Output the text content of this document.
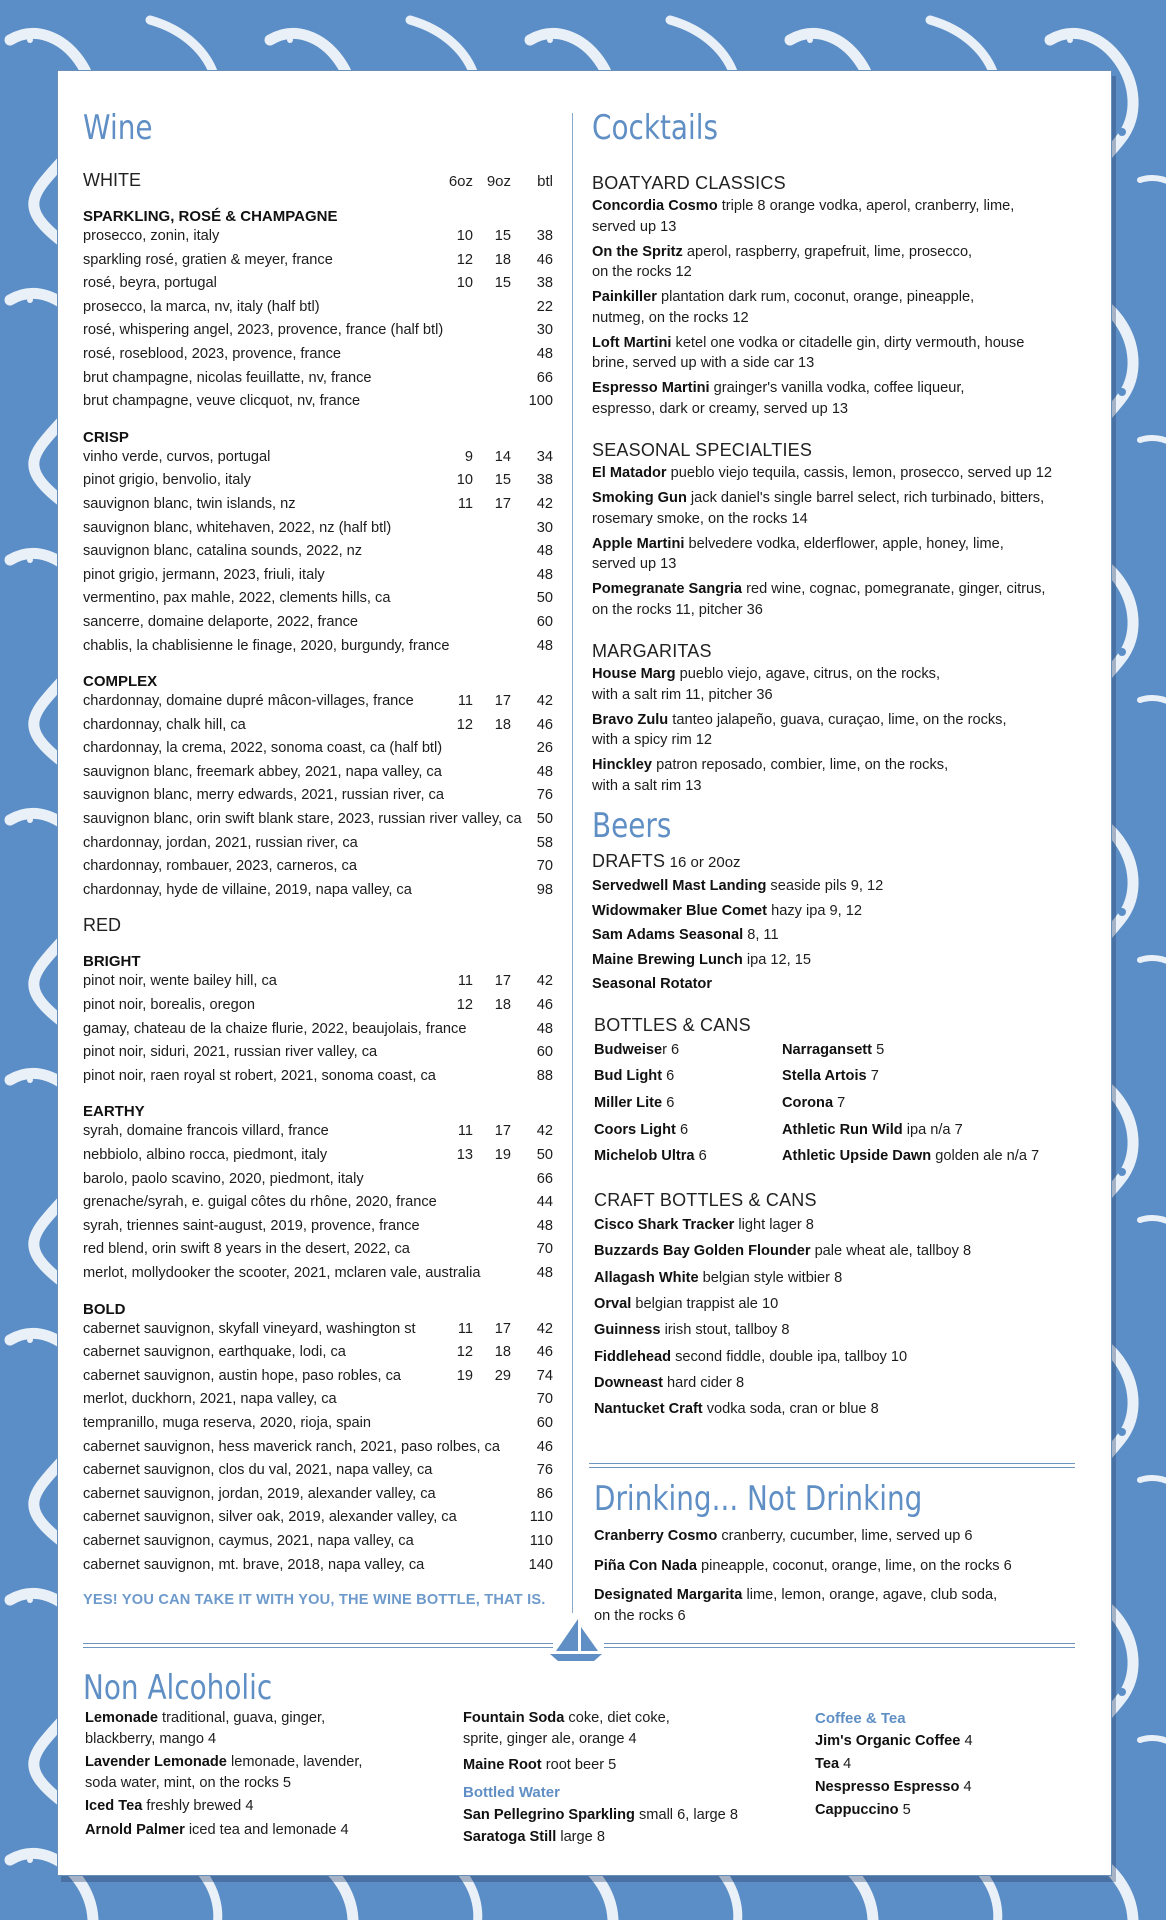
Wine
WHITE	6oz 9oz	btl
SPARKLING, ROSÉ & CHAMPAGNE
prosecco, zonin, italy	10	15	38
sparkling rosé, gratien & meyer, france	12	18	46
rosé, beyra, portugal	10	15	38
prosecco, la marca, nv, italy (half btl)	22
rosé, whispering angel, 2023, provence, france (half btl)	30
rosé, roseblood, 2023, provence, france	48
brut champagne, nicolas feuillatte, nv, france	66
brut champagne, veuve clicquot, nv, france	100
CRISP
vinho verde, curvos, portugal	9	14	34
pinot grigio, benvolio, italy	10	15	38
sauvignon blanc, twin islands, nz	11	17	42
sauvignon blanc, whitehaven, 2022, nz (half btl)	30
sauvignon blanc, catalina sounds, 2022, nz	48
pinot grigio, jermann, 2023, friuli, italy	48
vermentino, pax mahle, 2022, clements hills, ca	50
sancerre, domaine delaporte, 2022, france	60
chablis, la chablisienne le finage, 2020, burgundy, france	48
COMPLEX
chardonnay, domaine dupré mâcon-villages, france	11	17	42
chardonnay, chalk hill, ca	12	18	46
chardonnay, la crema, 2022, sonoma coast, ca (half btl)	26
sauvignon blanc, freemark abbey, 2021, napa valley, ca	48
sauvignon blanc, merry edwards, 2021, russian river, ca	76
sauvignon blanc, orin swift blank stare, 2023, russian river valley, ca 50
chardonnay, jordan, 2021, russian river, ca	58
chardonnay, rombauer, 2023, carneros, ca	70
chardonnay, hyde de villaine, 2019, napa valley, ca	98
RED
BRIGHT
pinot noir, wente bailey hill, ca	11	17	42
pinot noir, borealis, oregon	12	18	46
gamay, chateau de la chaize flurie, 2022, beaujolais, france	48
pinot noir, siduri, 2021, russian river valley, ca	60
pinot noir, raen royal st robert, 2021, sonoma coast, ca	88
EARTHY
syrah, domaine francois villard, france	11	17	42
nebbiolo, albino rocca, piedmont, italy	13	19	50
barolo, paolo scavino, 2020, piedmont, italy	66
grenache/syrah, e. guigal côtes du rhône, 2020, france	44
syrah, triennes saint-august, 2019, provence, france	48
red blend, orin swift 8 years in the desert, 2022, ca	70
merlot, mollydooker the scooter, 2021, mclaren vale, australia	48
BOLD
cabernet sauvignon, skyfall vineyard, washington st	11	17	42
cabernet sauvignon, earthquake, lodi, ca	12	18	46
cabernet sauvignon, austin hope, paso robles, ca	19	29	74
merlot, duckhorn, 2021, napa valley, ca	70
tempranillo, muga reserva, 2020, rioja, spain	60
cabernet sauvignon, hess maverick ranch, 2021, paso rolbes, ca	46
cabernet sauvignon, clos du val, 2021, napa valley, ca	76
cabernet sauvignon, jordan, 2019, alexander valley, ca	86
cabernet sauvignon, silver oak, 2019, alexander valley, ca	110
cabernet sauvignon, caymus, 2021, napa valley, ca	110
cabernet sauvignon, mt. brave, 2018, napa valley, ca	140
YES! YOU CAN TAKE IT WITH YOU, THE WINE BOTTLE, THAT IS.
Cocktails
BOATYARD CLASSICS
Concordia Cosmo triple 8 orange vodka, aperol, cranberry, lime,
served up 13
On the Spritz aperol, raspberry, grapefruit, lime, prosecco,
on the rocks 12
Painkiller plantation dark rum, coconut, orange, pineapple,
nutmeg, on the rocks 12
Loft Martini ketel one vodka or citadelle gin, dirty vermouth, house
brine, served up with a side car 13
Espresso Martini grainger's vanilla vodka, coffee liqueur,
espresso, dark or creamy, served up 13
SEASONAL SPECIALTIES
El Matador pueblo viejo tequila, cassis, lemon, prosecco, served up 12
Smoking Gun jack daniel's single barrel select, rich turbinado, bitters,
rosemary smoke, on the rocks 14
Apple Martini belvedere vodka, elderflower, apple, honey, lime,
served up 13
Pomegranate Sangria red wine, cognac, pomegranate, ginger, citrus,
on the rocks 11, pitcher 36
MARGARITAS
House Marg pueblo viejo, agave, citrus, on the rocks,
with a salt rim 11, pitcher 36
Bravo Zulu tanteo jalapeño, guava, curaçao, lime, on the rocks,
with a spicy rim 12
Hinckley patron reposado, combier, lime, on the rocks,
with a salt rim 13
Beers
DRAFTS 16 or 20oz
Servedwell Mast Landing seaside pils 9, 12
Widowmaker Blue Comet hazy ipa 9, 12
Sam Adams Seasonal 8, 11
Maine Brewing Lunch ipa 12, 15
Seasonal Rotator
BOTTLES & CANS
Budweiser 6
Bud Light 6
Miller Lite 6
Coors Light 6
Michelob Ultra 6
Narragansett 5
Stella Artois 7
Corona 7
Athletic Run Wild ipa n/a 7
Athletic Upside Dawn golden ale n/a 7
CRAFT BOTTLES & CANS
Cisco Shark Tracker light lager 8
Buzzards Bay Golden Flounder pale wheat ale, tallboy 8
Allagash White belgian style witbier 8
Orval belgian trappist ale 10
Guinness irish stout, tallboy 8
Fiddlehead second fiddle, double ipa, tallboy 10
Downeast hard cider 8
Nantucket Craft vodka soda, cran or blue 8
Drinking... Not Drinking
Cranberry Cosmo cranberry, cucumber, lime, served up 6
Piña Con Nada pineapple, coconut, orange, lime, on the rocks 6
Designated Margarita lime, lemon, orange, agave, club soda,
on the rocks 6
Non Alcoholic
Lemonade traditional, guava, ginger,
blackberry, mango 4
Lavender Lemonade lemonade, lavender,
soda water, mint, on the rocks 5
Iced Tea freshly brewed 4
Arnold Palmer iced tea and lemonade 4
Fountain Soda coke, diet coke,
sprite, ginger ale, orange 4
Maine Root root beer 5
Bottled Water
San Pellegrino Sparkling small 6, large 8
Saratoga Still large 8
Coffee & Tea
Jim's Organic Coffee 4
Tea 4
Nespresso Espresso 4
Cappuccino 5
